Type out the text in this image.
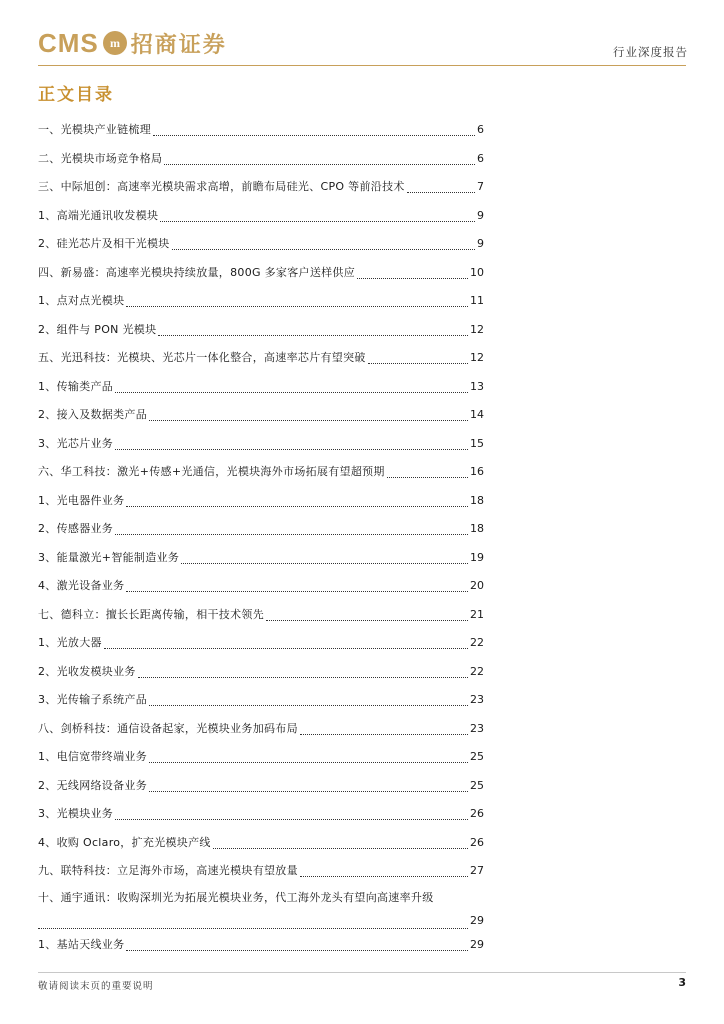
CMS m 招商证券	行业深度报告
正文目录
一、光模块产业链梳理	6
二、光模块市场竞争格局	6
三、中际旭创：高速率光模块需求高增，前瞻布局硅光、CPO 等前沿技术	7
1、高端光通讯收发模块	9
2、硅光芯片及相干光模块	9
四、新易盛：高速率光模块持续放量，800G 多家客户送样供应	10
1、点对点光模块	11
2、组件与 PON 光模块	12
五、光迅科技：光模块、光芯片一体化整合，高速率芯片有望突破	12
1、传输类产品	13
2、接入及数据类产品	14
3、光芯片业务	15
六、华工科技：激光+传感+光通信，光模块海外市场拓展有望超预期	16
1、光电器件业务	18
2、传感器业务	18
3、能量激光+智能制造业务	19
4、激光设备业务	20
七、德科立：擅长长距离传输，相干技术领先	21
1、光放大器	22
2、光收发模块业务	22
3、光传输子系统产品	23
八、剑桥科技：通信设备起家，光模块业务加码布局	23
1、电信宽带终端业务	25
2、无线网络设备业务	25
3、光模块业务	26
4、收购 Oclaro，扩充光模块产线	26
九、联特科技：立足海外市场，高速光模块有望放量	27
十、通宇通讯：收购深圳光为拓展光模块业务，代工海外龙头有望向高速率升级
29
1、基站天线业务	29
敬请阅读末页的重要说明	3
